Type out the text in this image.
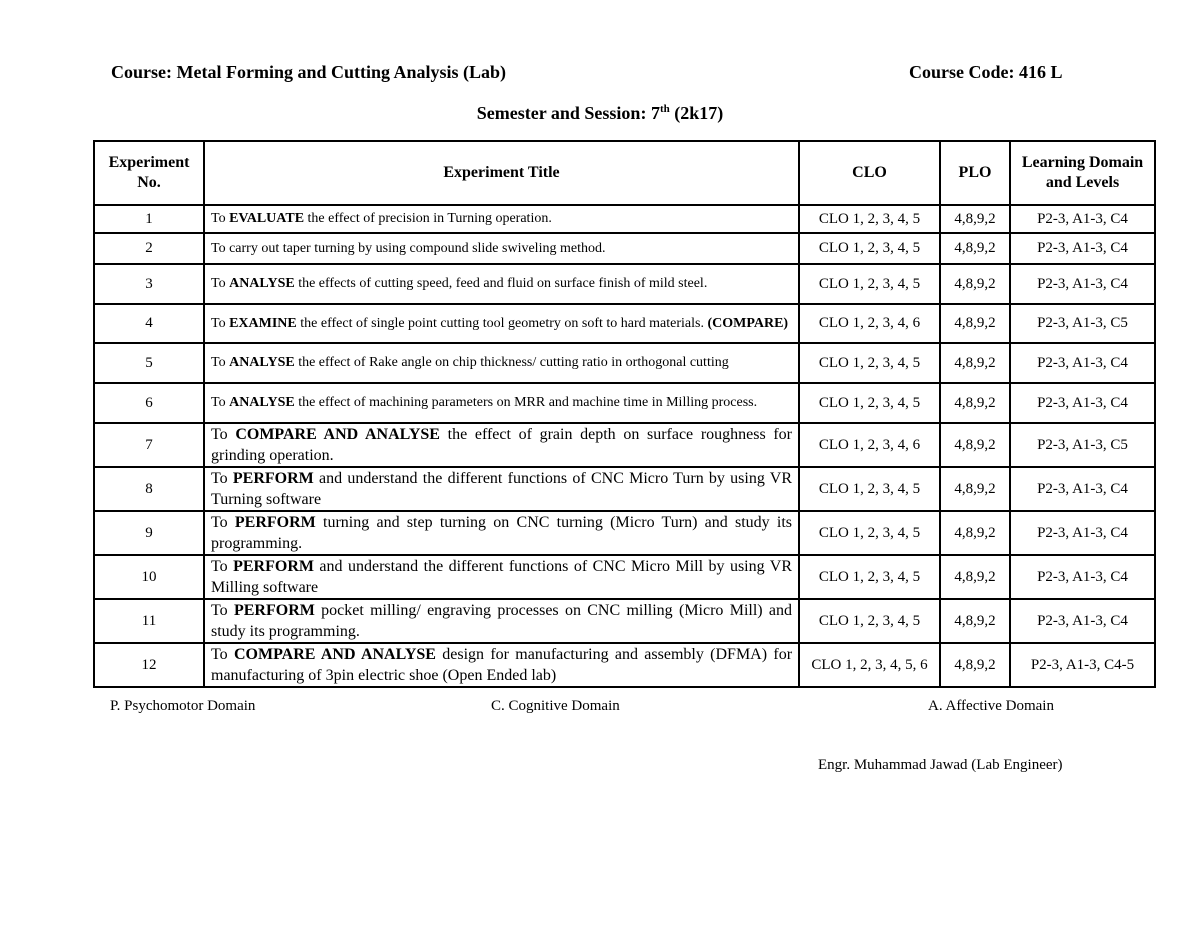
Course: Metal Forming and Cutting Analysis (Lab)	Course Code: 416 L
Semester and Session: 7th (2k17)
Experiment No.	Experiment Title	CLO	PLO	Learning Domain and Levels
1	To EVALUATE the effect of precision in Turning operation.	CLO 1, 2, 3, 4, 5	4,8,9,2	P2-3, A1-3, C4
2	To carry out taper turning by using compound slide swiveling method.	CLO 1, 2, 3, 4, 5	4,8,9,2	P2-3, A1-3, C4
3	To ANALYSE the effects of cutting speed, feed and fluid on surface finish of mild steel.	CLO 1, 2, 3, 4, 5	4,8,9,2	P2-3, A1-3, C4
4	To EXAMINE the effect of single point cutting tool geometry on soft to hard materials. (COMPARE)	CLO 1, 2, 3, 4, 6	4,8,9,2	P2-3, A1-3, C5
5	To ANALYSE the effect of Rake angle on chip thickness/ cutting ratio in orthogonal cutting	CLO 1, 2, 3, 4, 5	4,8,9,2	P2-3, A1-3, C4
6	To ANALYSE the effect of machining parameters on MRR and machine time in Milling process.	CLO 1, 2, 3, 4, 5	4,8,9,2	P2-3, A1-3, C4
7	To COMPARE AND ANALYSE the effect of grain depth on surface roughness for grinding operation.	CLO 1, 2, 3, 4, 6	4,8,9,2	P2-3, A1-3, C5
8	To PERFORM and understand the different functions of CNC Micro Turn by using VR Turning software	CLO 1, 2, 3, 4, 5	4,8,9,2	P2-3, A1-3, C4
9	To PERFORM turning and step turning on CNC turning (Micro Turn) and study its programming.	CLO 1, 2, 3, 4, 5	4,8,9,2	P2-3, A1-3, C4
10	To PERFORM and understand the different functions of CNC Micro Mill by using VR Milling software	CLO 1, 2, 3, 4, 5	4,8,9,2	P2-3, A1-3, C4
11	To PERFORM pocket milling/ engraving processes on CNC milling (Micro Mill) and study its programming.	CLO 1, 2, 3, 4, 5	4,8,9,2	P2-3, A1-3, C4
12	To COMPARE AND ANALYSE design for manufacturing and assembly (DFMA) for manufacturing of 3pin electric shoe (Open Ended lab)	CLO 1, 2, 3, 4, 5, 6	4,8,9,2	P2-3, A1-3, C4-5
P. Psychomotor Domain	C. Cognitive Domain	A. Affective Domain
Engr. Muhammad Jawad (Lab Engineer)
